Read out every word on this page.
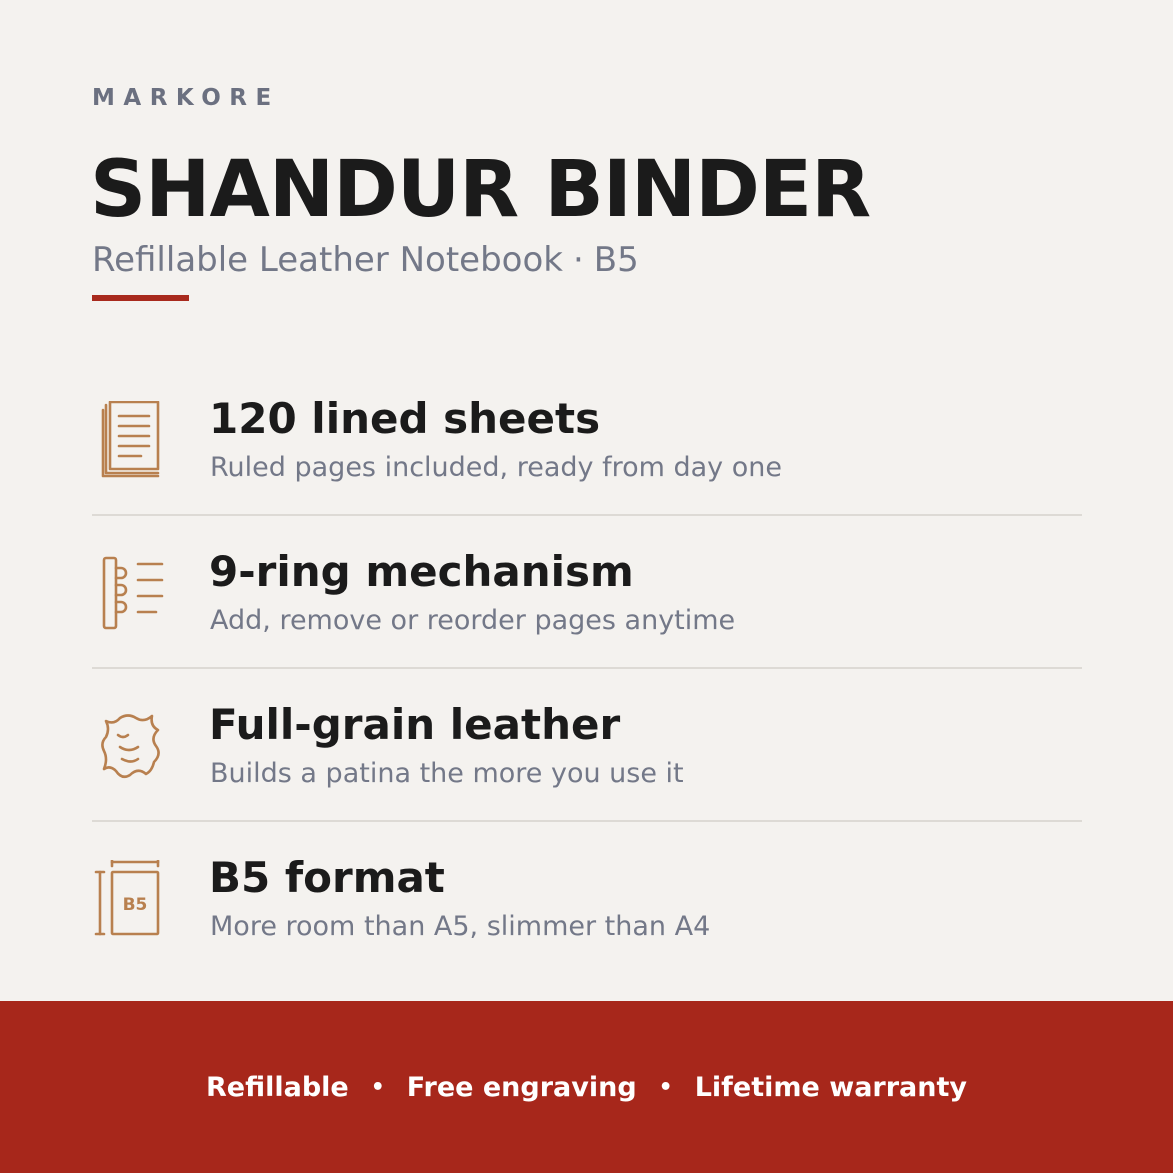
MARKORE
SHANDUR BINDER
Refillable Leather Notebook · B5
120 lined sheets
Ruled pages included, ready from day one
9-ring mechanism
Add, remove or reorder pages anytime
Full-grain leather
Builds a patina the more you use it
B5
B5 format
More room than A5, slimmer than A4
Refillable	• Free engraving	• Lifetime warranty
